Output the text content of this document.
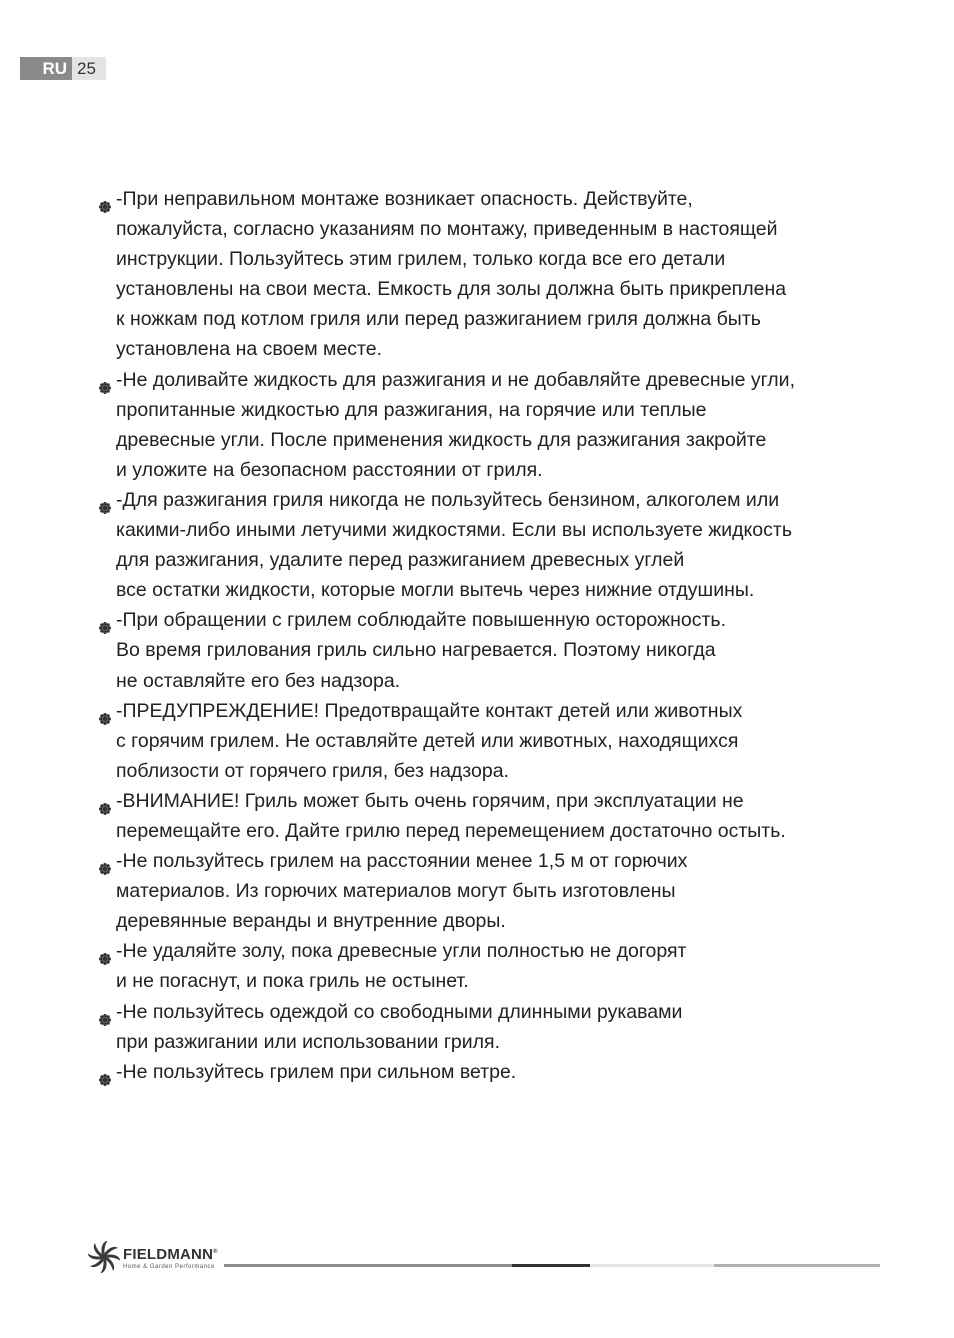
RU 25
-При неправильном монтаже возникает опасность. Действуйте,
пожалуйста, согласно указаниям по монтажу, приведенным в настоящей
инструкции. Пользуйтесь этим грилем, только когда все его детали
установлены на свои места. Емкость для золы должна быть прикреплена
к ножкам под котлом гриля или перед разжиганием гриля должна быть
установлена на своем месте.
-Не доливайте жидкость для разжигания и не добавляйте древесные угли,
пропитанные жидкостью для разжигания, на горячие или теплые
древесные угли. После применения жидкость для разжигания закройте
и уложите на безопасном расстоянии от гриля.
-Для разжигания гриля никогда не пользуйтесь бензином, алкоголем или
какими-либо иными летучими жидкостями. Если вы используете жидкость
для разжигания, удалите перед разжиганием древесных углей
все остатки жидкости, которые могли вытечь через нижние отдушины.
-При обращении с грилем соблюдайте повышенную осторожность.
Во время грилования гриль сильно нагревается. Поэтому никогда
не оставляйте его без надзора.
-ПРЕДУПРЕЖДЕНИЕ! Предотвращайте контакт детей или животных
с горячим грилем. Не оставляйте детей или животных, находящихся
поблизости от горячего гриля, без надзора.
-ВНИМАНИЕ! Гриль может быть очень горячим, при эксплуатации не
перемещайте его. Дайте грилю перед перемещением достаточно остыть.
-Не пользуйтесь грилем на расстоянии менее 1,5 м от горючих
материалов. Из горючих материалов могут быть изготовлены
деревянные веранды и внутренние дворы.
-Не удаляйте золу, пока древесные угли полностью не догорят
и не погаснут, и пока гриль не остынет.
-Не пользуйтесь одеждой со свободными длинными рукавами
при разжигании или использовании гриля.
-Не пользуйтесь грилем при сильном ветре.
FIELDMANN®
Home & Garden Performance
